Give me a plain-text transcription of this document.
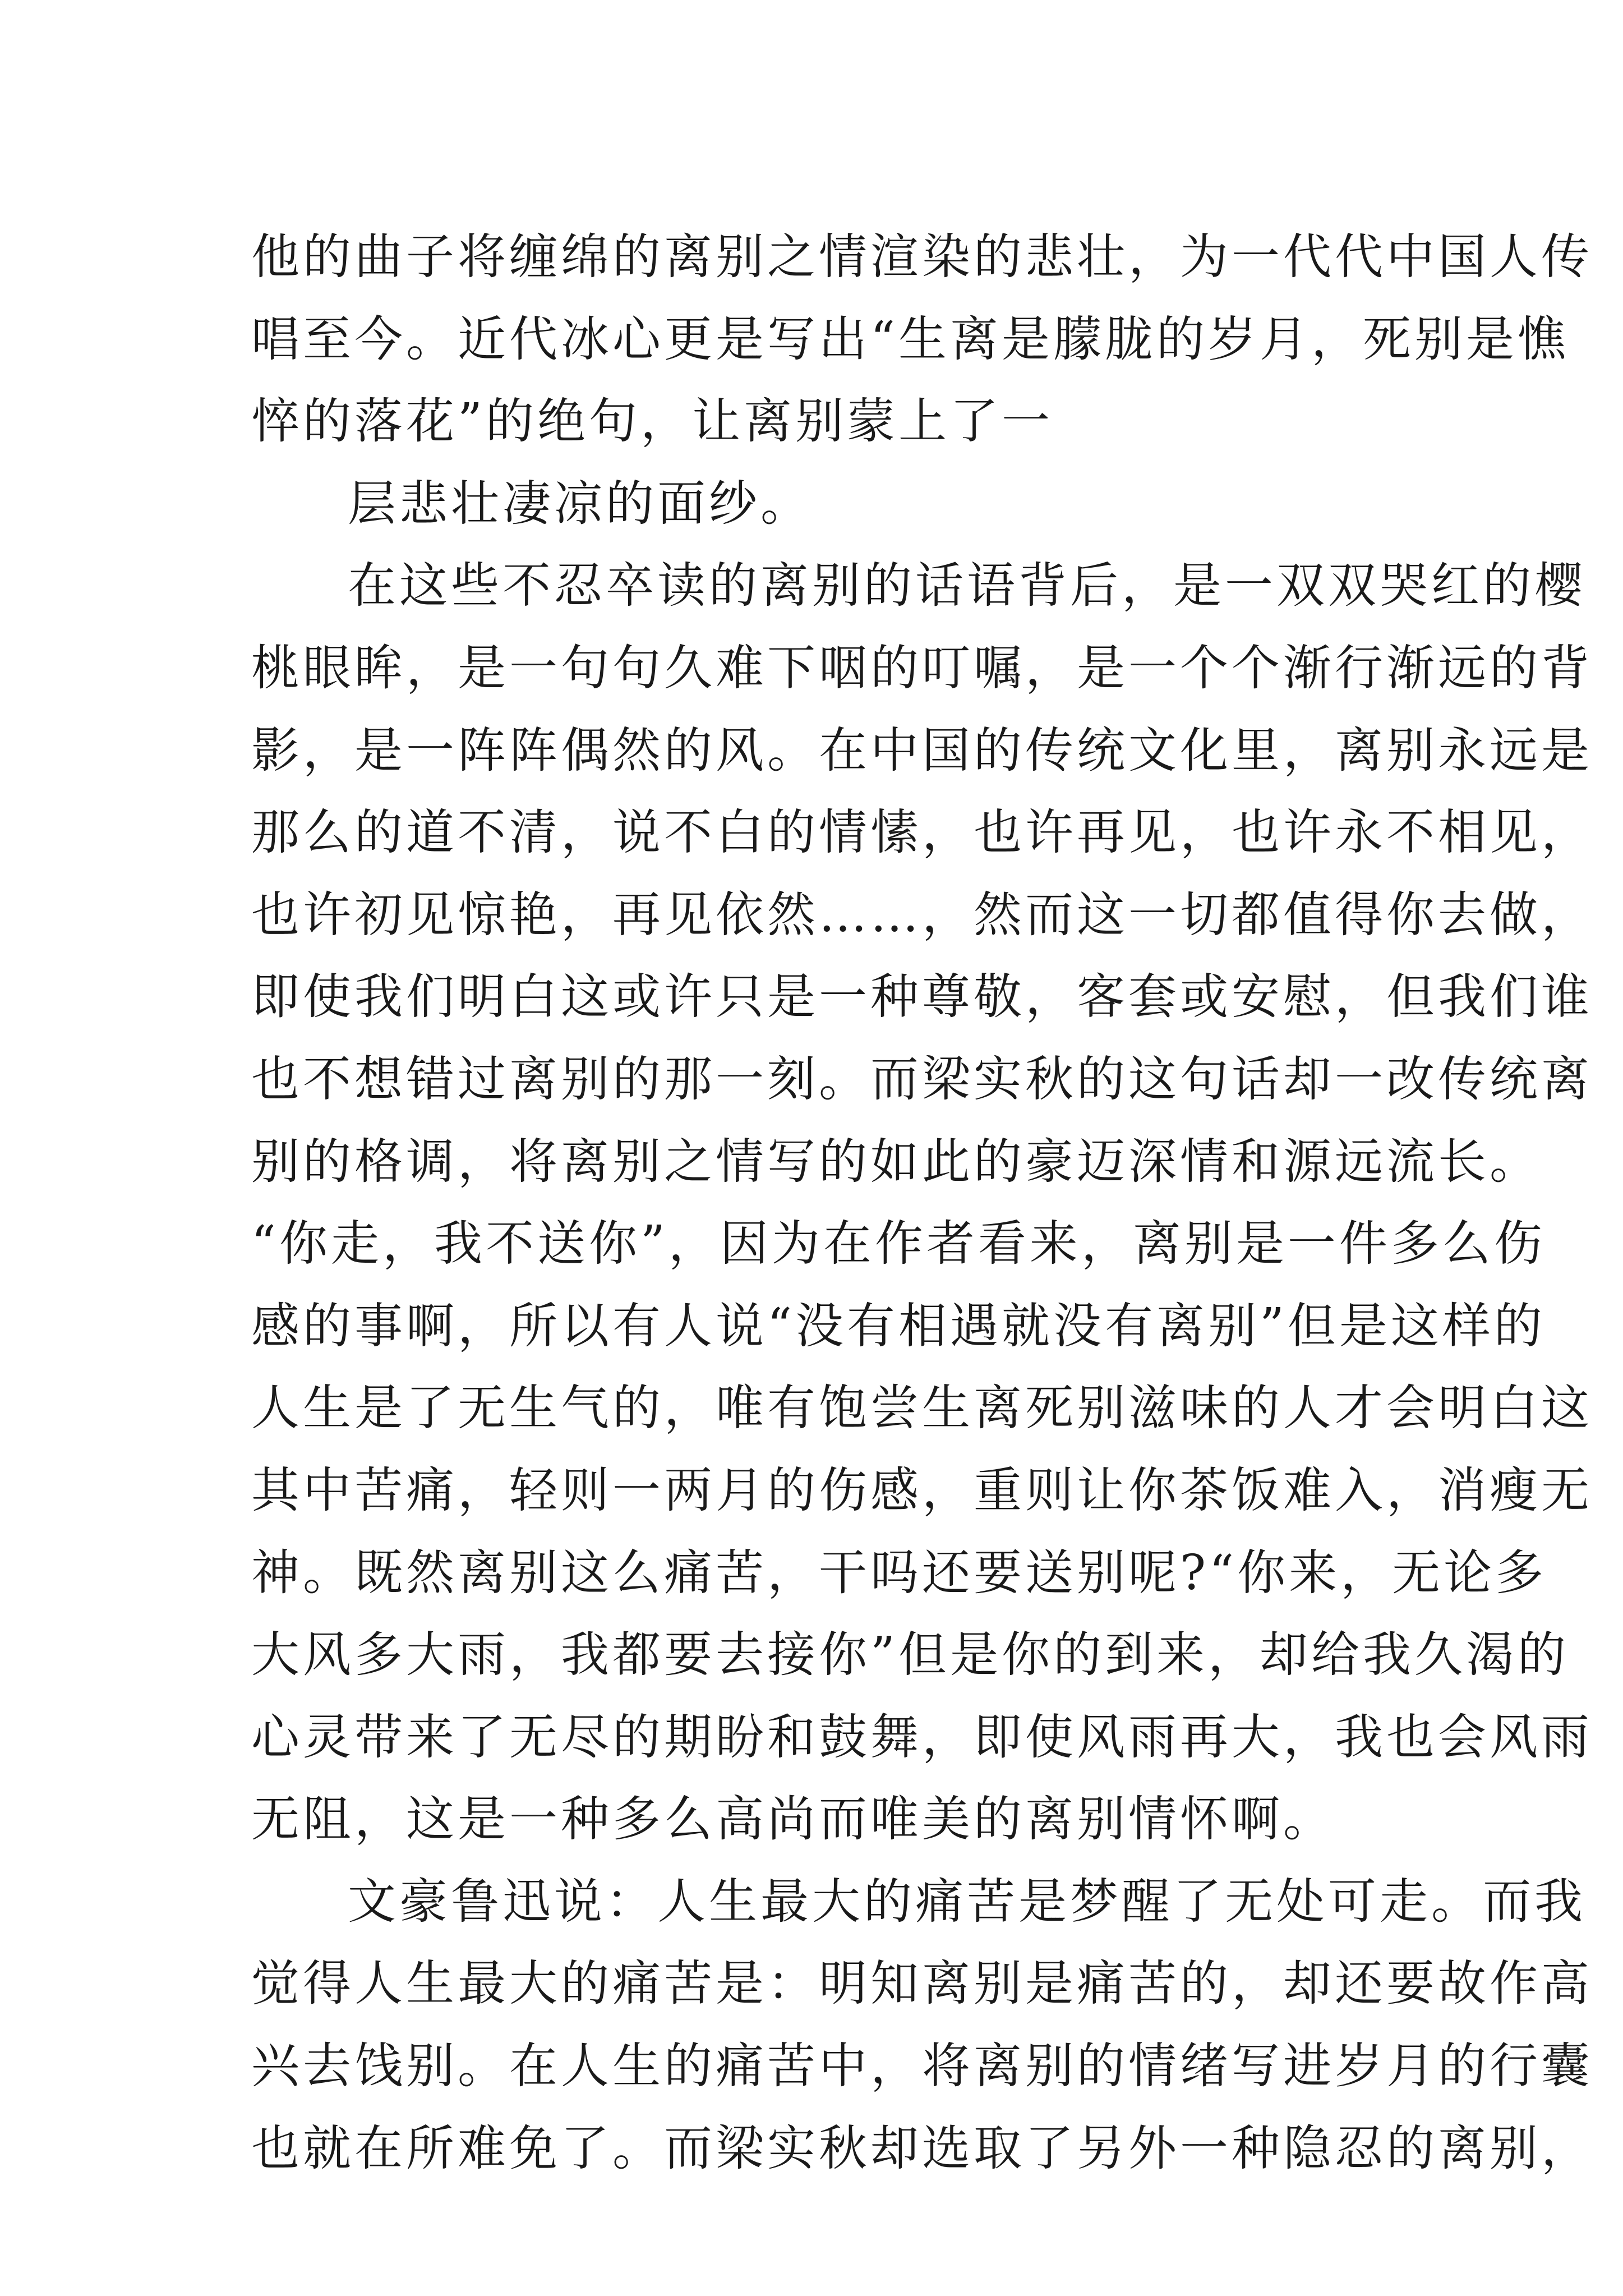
他的曲子将缠绵的离别之情渲染的悲壮，为一代代中国人传
唱至今。近代冰心更是写出“生离是朦胧的岁月，死别是憔
悴的落花”的绝句，让离别蒙上了一
层悲壮凄凉的面纱。
在这些不忍卒读的离别的话语背后，是一双双哭红的樱
桃眼眸，是一句句久难下咽的叮嘱，是一个个渐行渐远的背
影，是一阵阵偶然的风。在中国的传统文化里，离别永远是
那么的道不清，说不白的情愫，也许再见，也许永不相见，
也许初见惊艳，再见依然……，然而这一切都值得你去做，
即使我们明白这或许只是一种尊敬，客套或安慰，但我们谁
也不想错过离别的那一刻。而梁实秋的这句话却一改传统离
别的格调，将离别之情写的如此的豪迈深情和源远流长。
“你走，我不送你”，因为在作者看来，离别是一件多么伤
感的事啊，所以有人说“没有相遇就没有离别”但是这样的
人生是了无生气的，唯有饱尝生离死别滋味的人才会明白这
其中苦痛，轻则一两月的伤感，重则让你茶饭难入，消瘦无
神。既然离别这么痛苦，干吗还要送别呢?“你来，无论多
大风多大雨，我都要去接你”但是你的到来，却给我久渴的
心灵带来了无尽的期盼和鼓舞，即使风雨再大，我也会风雨
无阻，这是一种多么高尚而唯美的离别情怀啊。
文豪鲁迅说：人生最大的痛苦是梦醒了无处可走。而我
觉得人生最大的痛苦是：明知离别是痛苦的，却还要故作高
兴去饯别。在人生的痛苦中，将离别的情绪写进岁月的行囊
也就在所难免了。而梁实秋却选取了另外一种隐忍的离别，
